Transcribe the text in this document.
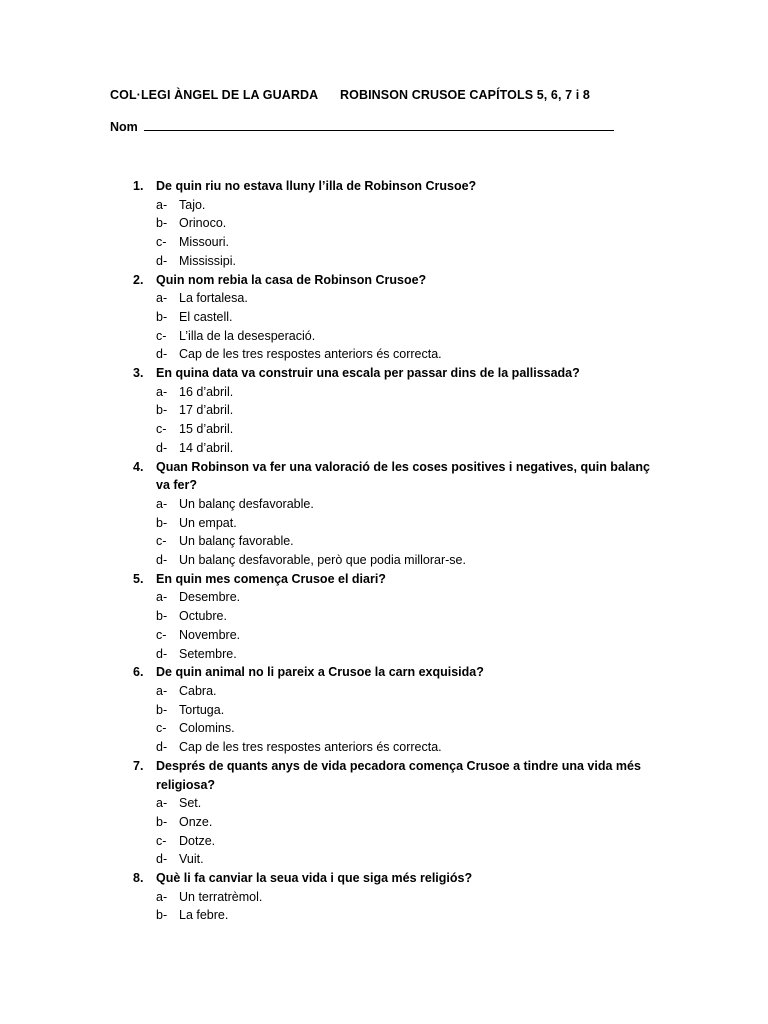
COL·LEGI ÀNGEL DE LA GUARDA ROBINSON CRUSOE CAPÍTOLS 5, 6, 7 i 8
Nom
1.	De quin riu no estava lluny l’illa de Robinson Crusoe?
a- Tajo.
b- Orinoco.
c- Missouri.
d- Mississipi.
2.	Quin nom rebia la casa de Robinson Crusoe?
a- La fortalesa.
b- El castell.
c- L’illa de la desesperació.
d- Cap de les tres respostes anteriors és correcta.
3.	En quina data va construir una escala per passar dins de la pallissada?
a- 16 d’abril.
b- 17 d’abril.
c- 15 d’abril.
d- 14 d’abril.
4.	Quan Robinson va fer una valoració de les coses positives i negatives, quin balanç va fer?
a- Un balanç desfavorable.
b- Un empat.
c- Un balanç favorable.
d- Un balanç desfavorable, però que podia millorar-se.
5.	En quin mes comença Crusoe el diari?
a- Desembre.
b- Octubre.
c- Novembre.
d- Setembre.
6.	De quin animal no li pareix a Crusoe la carn exquisida?
a- Cabra.
b- Tortuga.
c- Colomins.
d- Cap de les tres respostes anteriors és correcta.
7.	Després de quants anys de vida pecadora comença Crusoe a tindre una vida més religiosa?
a- Set.
b- Onze.
c- Dotze.
d- Vuit.
8.	Què li fa canviar la seua vida i que siga més religiós?
a- Un terratrèmol.
b- La febre.
